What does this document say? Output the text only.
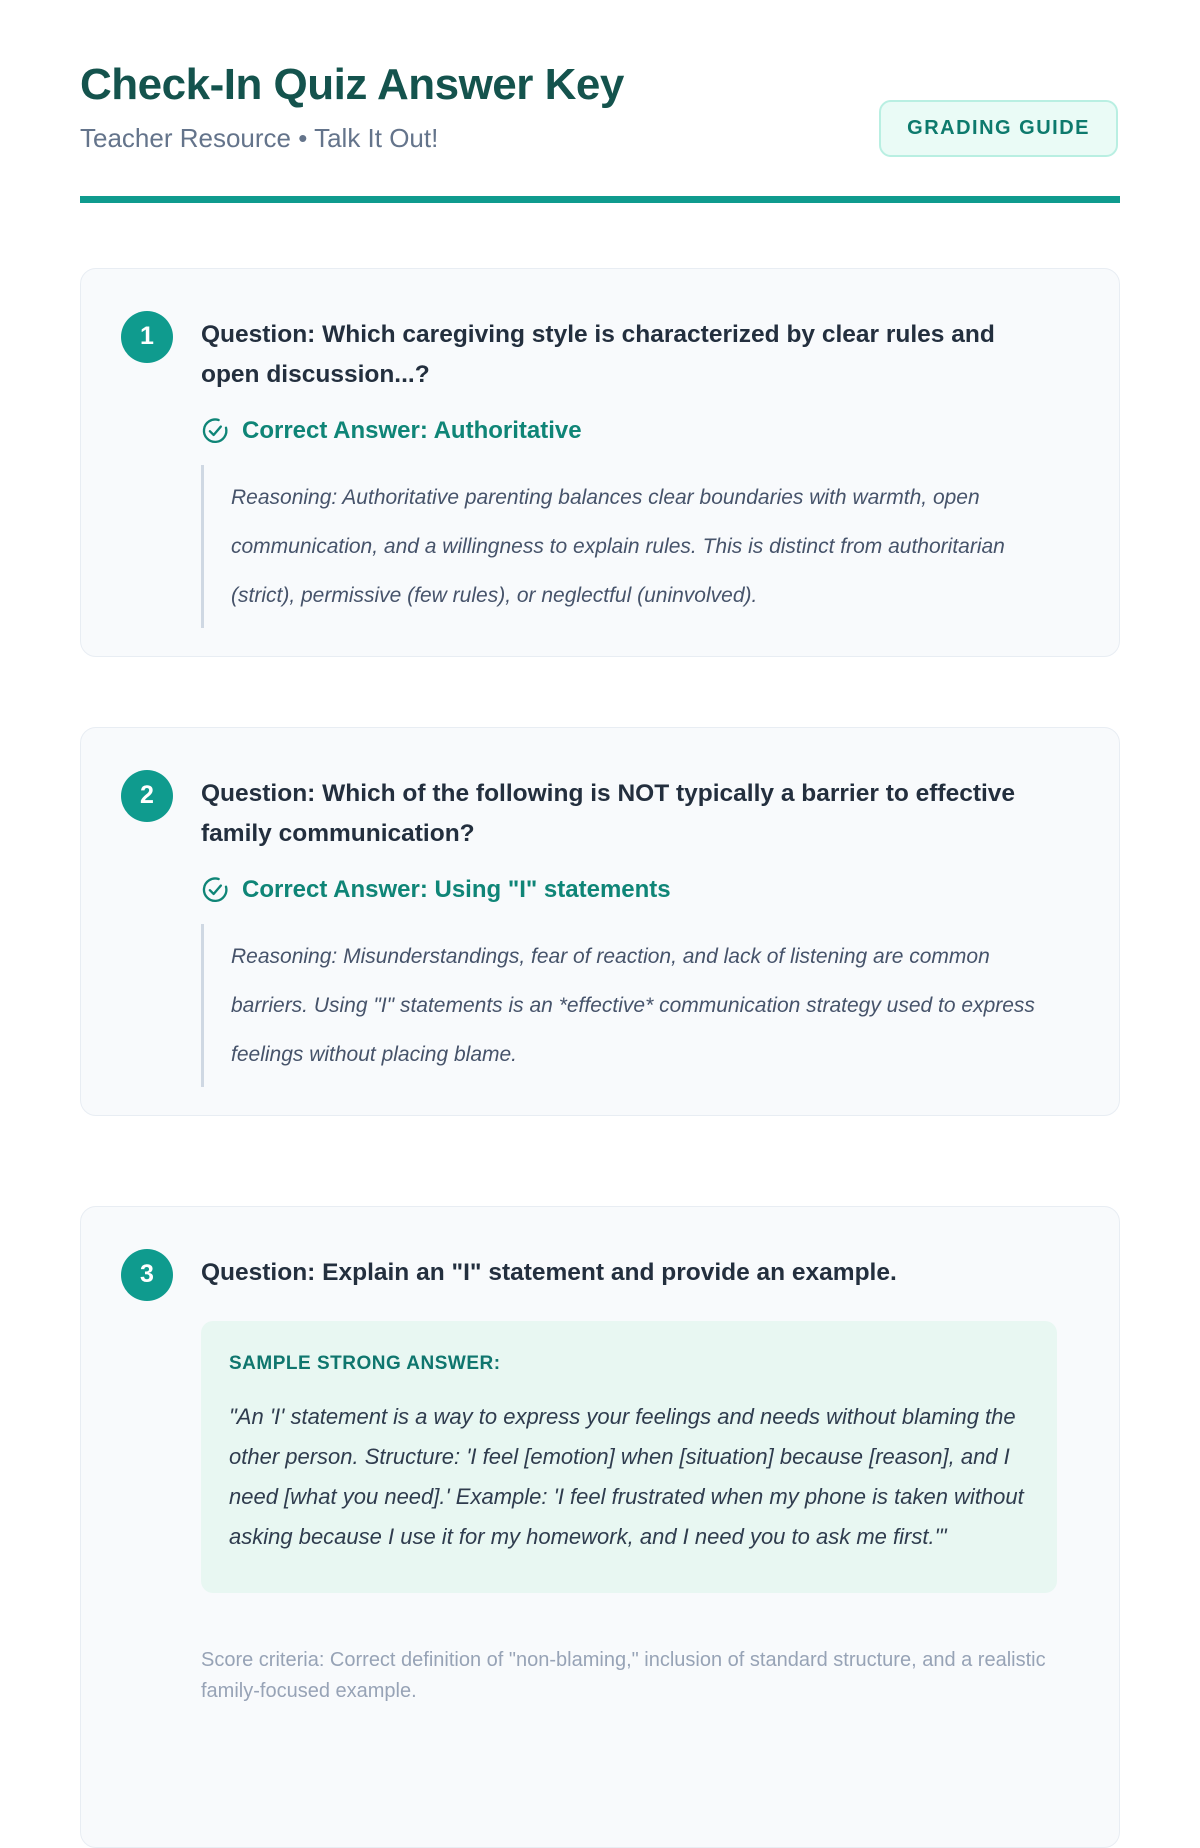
Check-In Quiz Answer Key
Teacher Resource • Talk It Out!	GRADING GUIDE
1	Question: Which caregiving style is characterized by clear rules and open discussion...?
Correct Answer: Authoritative
Reasoning: Authoritative parenting balances clear boundaries with warmth, open communication, and a willingness to explain rules. This is distinct from authoritarian (strict), permissive (few rules), or neglectful (uninvolved).
2	Question: Which of the following is NOT typically a barrier to effective family communication?
Correct Answer: Using "I" statements
Reasoning: Misunderstandings, fear of reaction, and lack of listening are common barriers. Using "I" statements is an *effective* communication strategy used to express feelings without placing blame.
3	Question: Explain an "I" statement and provide an example.
SAMPLE STRONG ANSWER:
"An 'I' statement is a way to express your feelings and needs without blaming the other person. Structure: 'I feel [emotion] when [situation] because [reason], and I need [what you need].' Example: 'I feel frustrated when my phone is taken without asking because I use it for my homework, and I need you to ask me first.'"
Score criteria: Correct definition of "non-blaming," inclusion of standard structure, and a realistic family-focused example.
